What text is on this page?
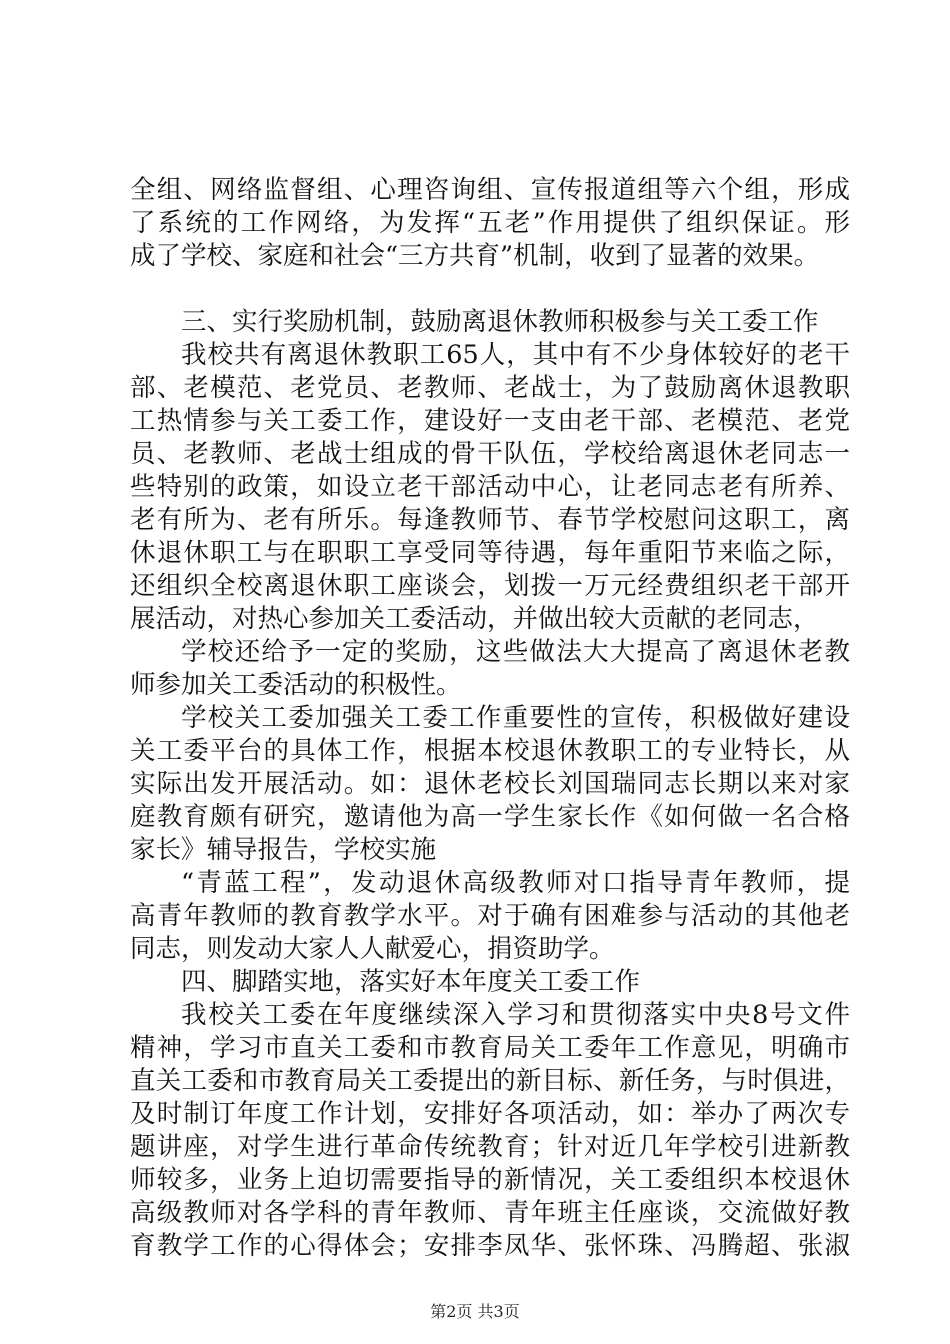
全组、网络监督组、心理咨询组、宣传报道组等六个组，形成
了系统的工作网络，为发挥“五老”作用提供了组织保证。形
成了学校、家庭和社会“三方共育”机制，收到了显著的效果。
三、实行奖励机制，鼓励离退休教师积极参与关工委工作
我校共有离退休教职工65人，其中有不少身体较好的老干
部、老模范、老党员、老教师、老战士，为了鼓励离休退教职
工热情参与关工委工作，建设好一支由老干部、老模范、老党
员、老教师、老战士组成的骨干队伍，学校给离退休老同志一
些特别的政策，如设立老干部活动中心，让老同志老有所养、
老有所为、老有所乐。每逢教师节、春节学校慰问这职工，离
休退休职工与在职职工享受同等待遇，每年重阳节来临之际，
还组织全校离退休职工座谈会，划拨一万元经费组织老干部开
展活动，对热心参加关工委活动，并做出较大贡献的老同志，
学校还给予一定的奖励，这些做法大大提高了离退休老教
师参加关工委活动的积极性。
学校关工委加强关工委工作重要性的宣传，积极做好建设
关工委平台的具体工作，根据本校退休教职工的专业特长，从
实际出发开展活动。如：退休老校长刘国瑞同志长期以来对家
庭教育颇有研究，邀请他为高一学生家长作《如何做一名合格
家长》辅导报告，学校实施
“青蓝工程”，发动退休高级教师对口指导青年教师，提
高青年教师的教育教学水平。对于确有困难参与活动的其他老
同志，则发动大家人人献爱心，捐资助学。
四、脚踏实地，落实好本年度关工委工作
我校关工委在年度继续深入学习和贯彻落实中央8号文件
精神，学习市直关工委和市教育局关工委年工作意见，明确市
直关工委和市教育局关工委提出的新目标、新任务，与时俱进，
及时制订年度工作计划，安排好各项活动，如：举办了两次专
题讲座，对学生进行革命传统教育；针对近几年学校引进新教
师较多，业务上迫切需要指导的新情况，关工委组织本校退休
高级教师对各学科的青年教师、青年班主任座谈，交流做好教
育教学工作的心得体会；安排李凤华、张怀珠、冯腾超、张淑
第2页 共3页
